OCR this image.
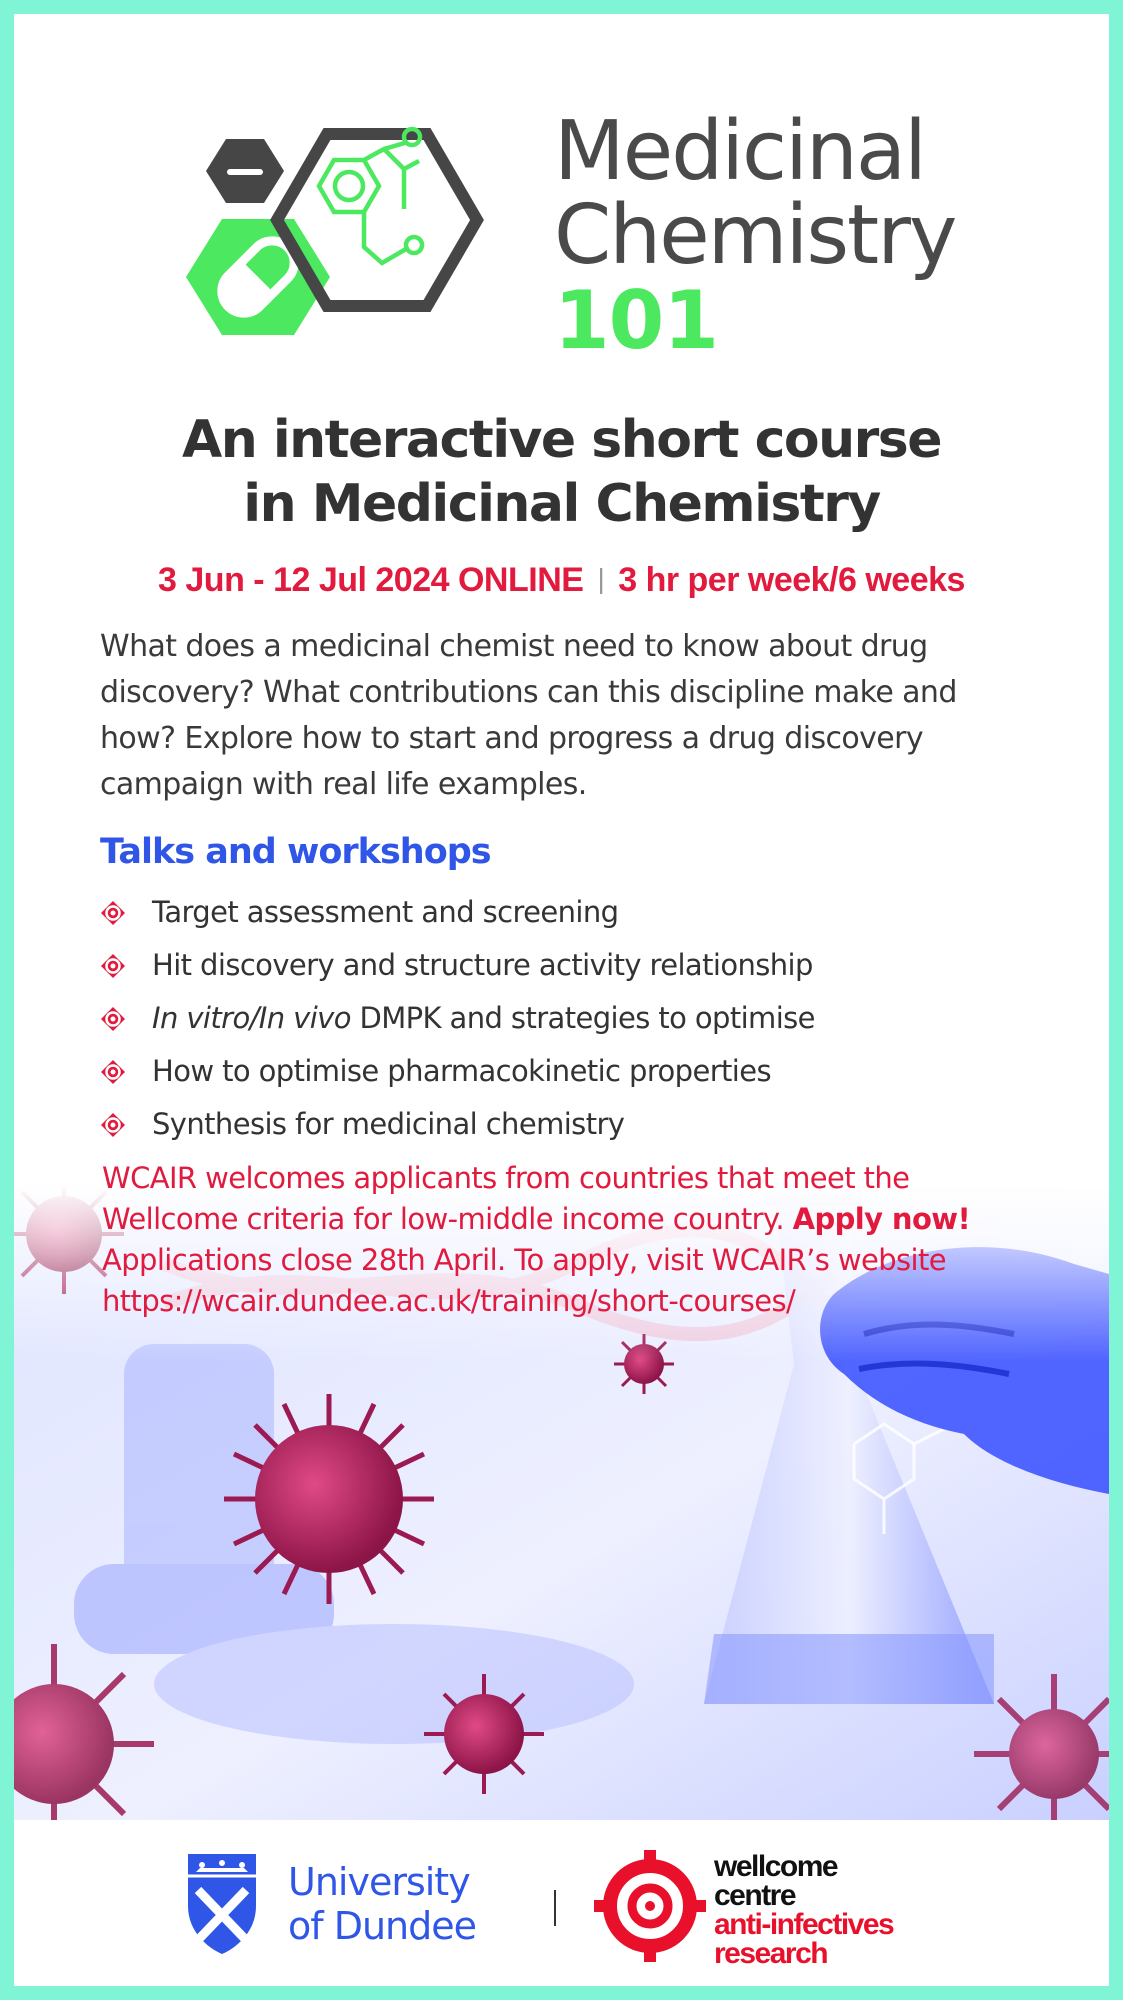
Medicinal
Chemistry
101
An interactive short course
in Medicinal Chemistry
3 Jun - 12 Jul 2024 ONLINE | 3 hr per week/6 weeks
What does a medicinal chemist need to know about drug
discovery? What contributions can this discipline make and
how? Explore how to start and progress a drug discovery
campaign with real life examples.
Talks and workshops
Target assessment and screening
Hit discovery and structure activity relationship
In vitro/In vivo DMPK and strategies to optimise
How to optimise pharmacokinetic properties
Synthesis for medicinal chemistry
WCAIR welcomes applicants from countries that meet the
Wellcome criteria for low-middle income country. Apply now!
Applications close 28th April. To apply, visit WCAIR’s website
https://wcair.dundee.ac.uk/training/short-courses/
University
of Dundee
wellcome
centre
anti-infectives
research
